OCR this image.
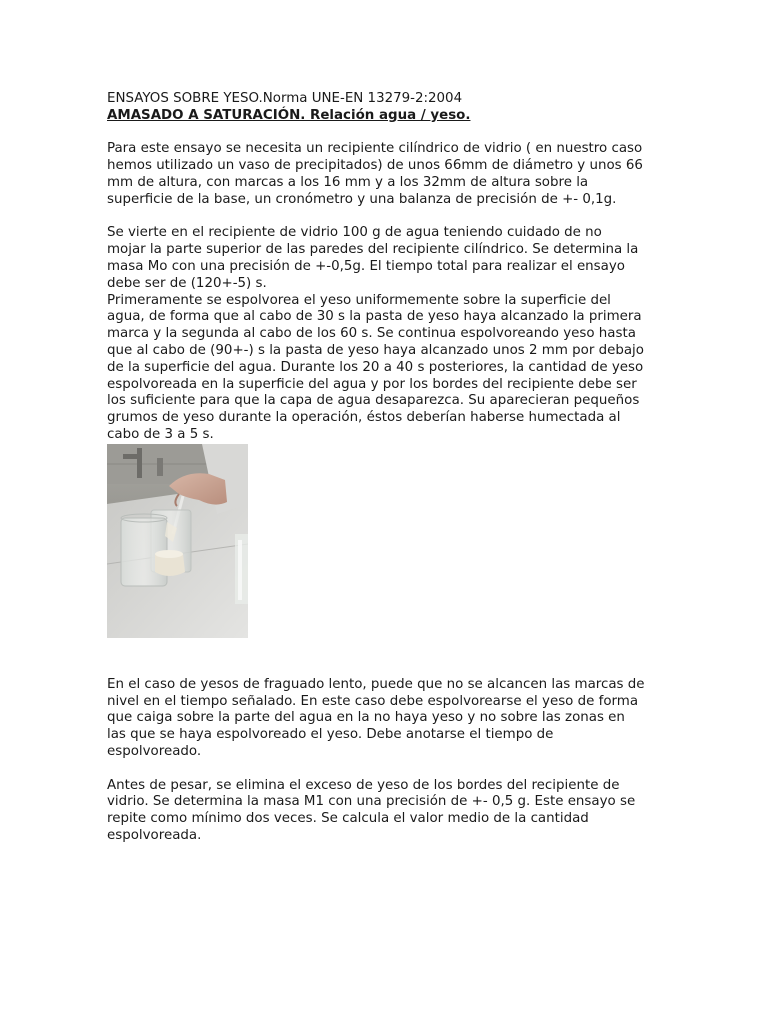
ENSAYOS SOBRE YESO.Norma UNE-EN 13279-2:2004
AMASADO A SATURACIÓN. Relación agua / yeso.
Para este ensayo se necesita un recipiente cilíndrico de vidrio ( en nuestro caso
hemos utilizado un vaso de precipitados) de unos 66mm de diámetro y unos 66
mm de altura, con marcas a los 16 mm y a los 32mm de altura sobre la
superficie de la base, un cronómetro y una balanza de precisión de +- 0,1g.
Se vierte en el recipiente de vidrio 100 g de agua teniendo cuidado de no
mojar la parte superior de las paredes del recipiente cilíndrico. Se determina la
masa Mo con una precisión de +-0,5g. El tiempo total para realizar el ensayo
debe ser de (120+-5) s.
Primeramente se espolvorea el yeso uniformemente sobre la superficie del
agua, de forma que al cabo de 30 s la pasta de yeso haya alcanzado la primera
marca y la segunda al cabo de los 60 s. Se continua espolvoreando yeso hasta
que al cabo de (90+-) s la pasta de yeso haya alcanzado unos 2 mm por debajo
de la superficie del agua. Durante los 20 a 40 s posteriores, la cantidad de yeso
espolvoreada en la superficie del agua y por los bordes del recipiente debe ser
los suficiente para que la capa de agua desaparezca. Su aparecieran pequeños
grumos de yeso durante la operación, éstos deberían haberse humectada al
cabo de 3 a 5 s.
En el caso de yesos de fraguado lento, puede que no se alcancen las marcas de
nivel en el tiempo señalado. En este caso debe espolvorearse el yeso de forma
que caiga sobre la parte del agua en la no haya yeso y no sobre las zonas en
las que se haya espolvoreado el yeso. Debe anotarse el tiempo de
espolvoreado.
Antes de pesar, se elimina el exceso de yeso de los bordes del recipiente de
vidrio. Se determina la masa M1 con una precisión de +- 0,5 g. Este ensayo se
repite como mínimo dos veces. Se calcula el valor medio de la cantidad
espolvoreada.
